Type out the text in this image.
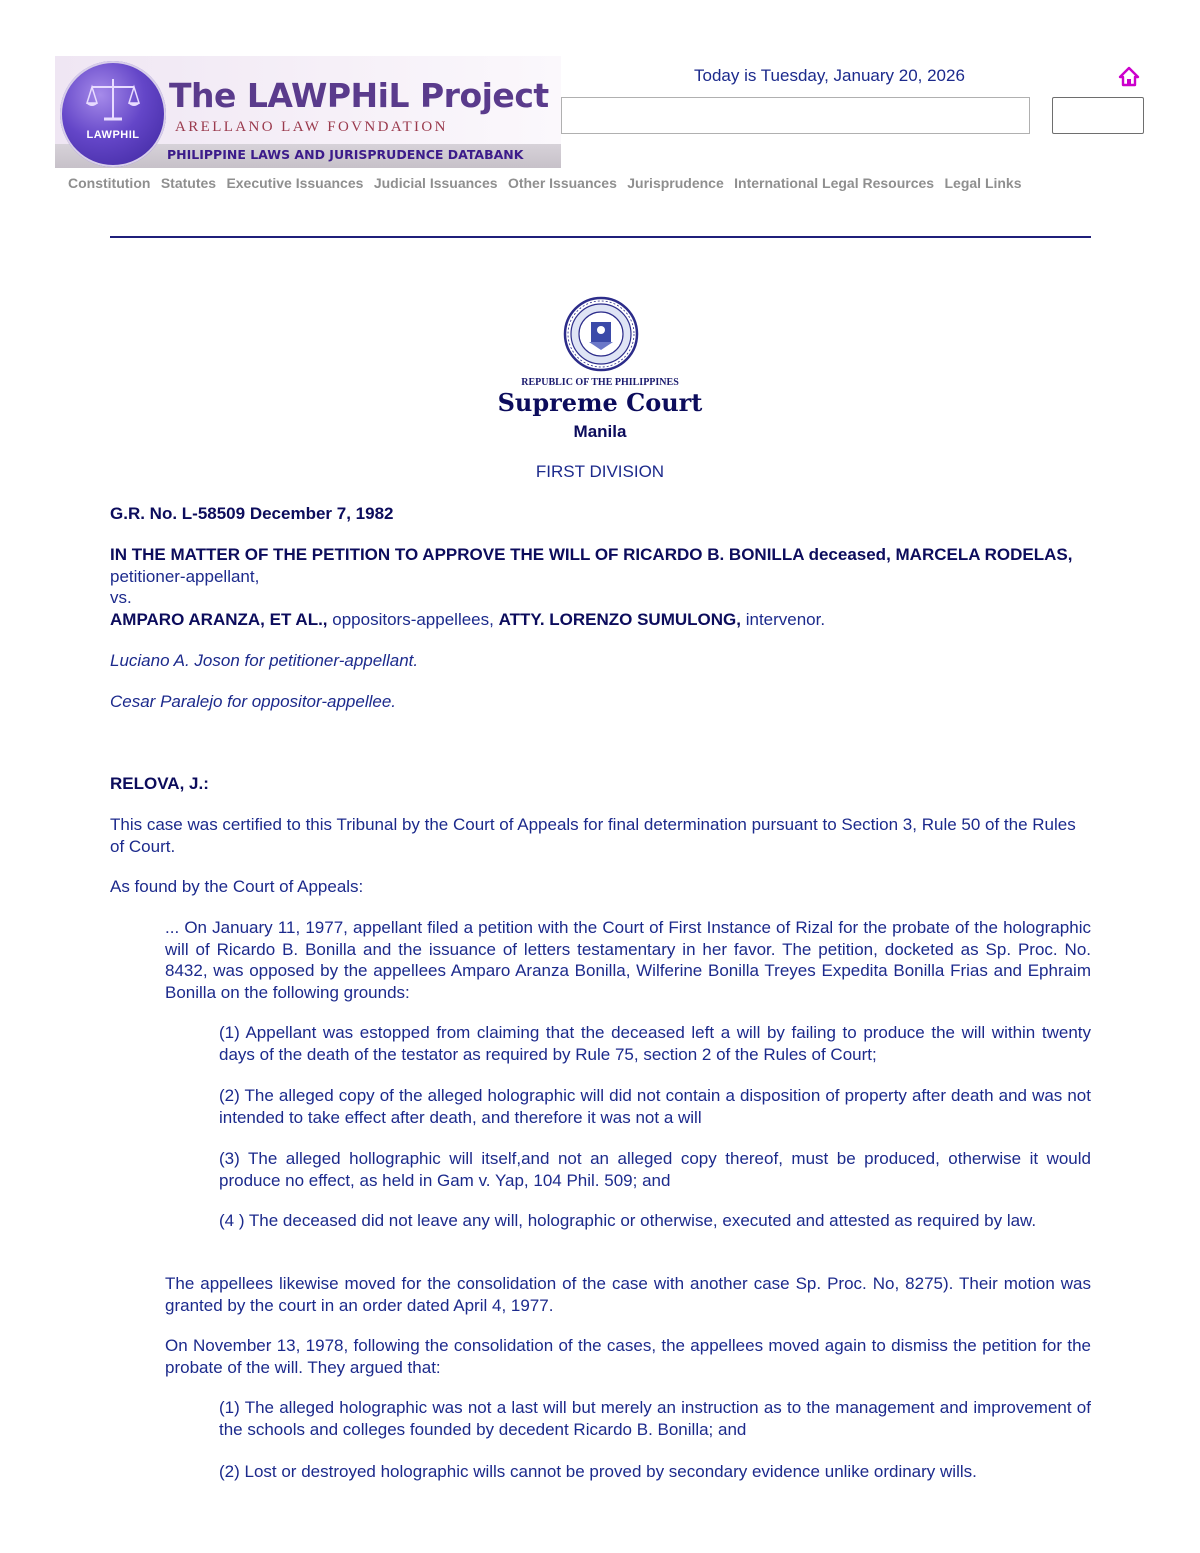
LAWPHIL
The LAWPHiL Project
ARELLANO LAW FOVNDATION
PHILIPPINE LAWS AND JURISPRUDENCE DATABANK
Today is Tuesday, January 20, 2026
Constitution Statutes Executive Issuances Judicial Issuances Other Issuances Jurisprudence International Legal Resources Legal Links
REPUBLIC OF THE PHILIPPINES
Supreme Court
Manila
FIRST DIVISION
G.R. No. L-58509 December 7, 1982
IN THE MATTER OF THE PETITION TO APPROVE THE WILL OF RICARDO B. BONILLA deceased, MARCELA RODELAS, petitioner-appellant,
vs.
AMPARO ARANZA, ET AL., oppositors-appellees, ATTY. LORENZO SUMULONG, intervenor.
Luciano A. Joson for petitioner-appellant.
Cesar Paralejo for oppositor-appellee.
RELOVA, J.:
This case was certified to this Tribunal by the Court of Appeals for final determination pursuant to Section 3, Rule 50 of the Rules of Court.
As found by the Court of Appeals:
... On January 11, 1977, appellant filed a petition with the Court of First Instance of Rizal for the probate of the holographic will of Ricardo B. Bonilla and the issuance of letters testamentary in her favor. The petition, docketed as Sp. Proc. No. 8432, was opposed by the appellees Amparo Aranza Bonilla, Wilferine Bonilla Treyes Expedita Bonilla Frias and Ephraim Bonilla on the following grounds:
(1) Appellant was estopped from claiming that the deceased left a will by failing to produce the will within twenty days of the death of the testator as required by Rule 75, section 2 of the Rules of Court;
(2) The alleged copy of the alleged holographic will did not contain a disposition of property after death and was not intended to take effect after death, and therefore it was not a will
(3) The alleged hollographic will itself,and not an alleged copy thereof, must be produced, otherwise it would produce no effect, as held in Gam v. Yap, 104 Phil. 509; and
(4 ) The deceased did not leave any will, holographic or otherwise, executed and attested as required by law.
The appellees likewise moved for the consolidation of the case with another case Sp. Proc. No, 8275). Their motion was granted by the court in an order dated April 4, 1977.
On November 13, 1978, following the consolidation of the cases, the appellees moved again to dismiss the petition for the probate of the will. They argued that:
(1) The alleged holographic was not a last will but merely an instruction as to the management and improvement of the schools and colleges founded by decedent Ricardo B. Bonilla; and
(2) Lost or destroyed holographic wills cannot be proved by secondary evidence unlike ordinary wills.
